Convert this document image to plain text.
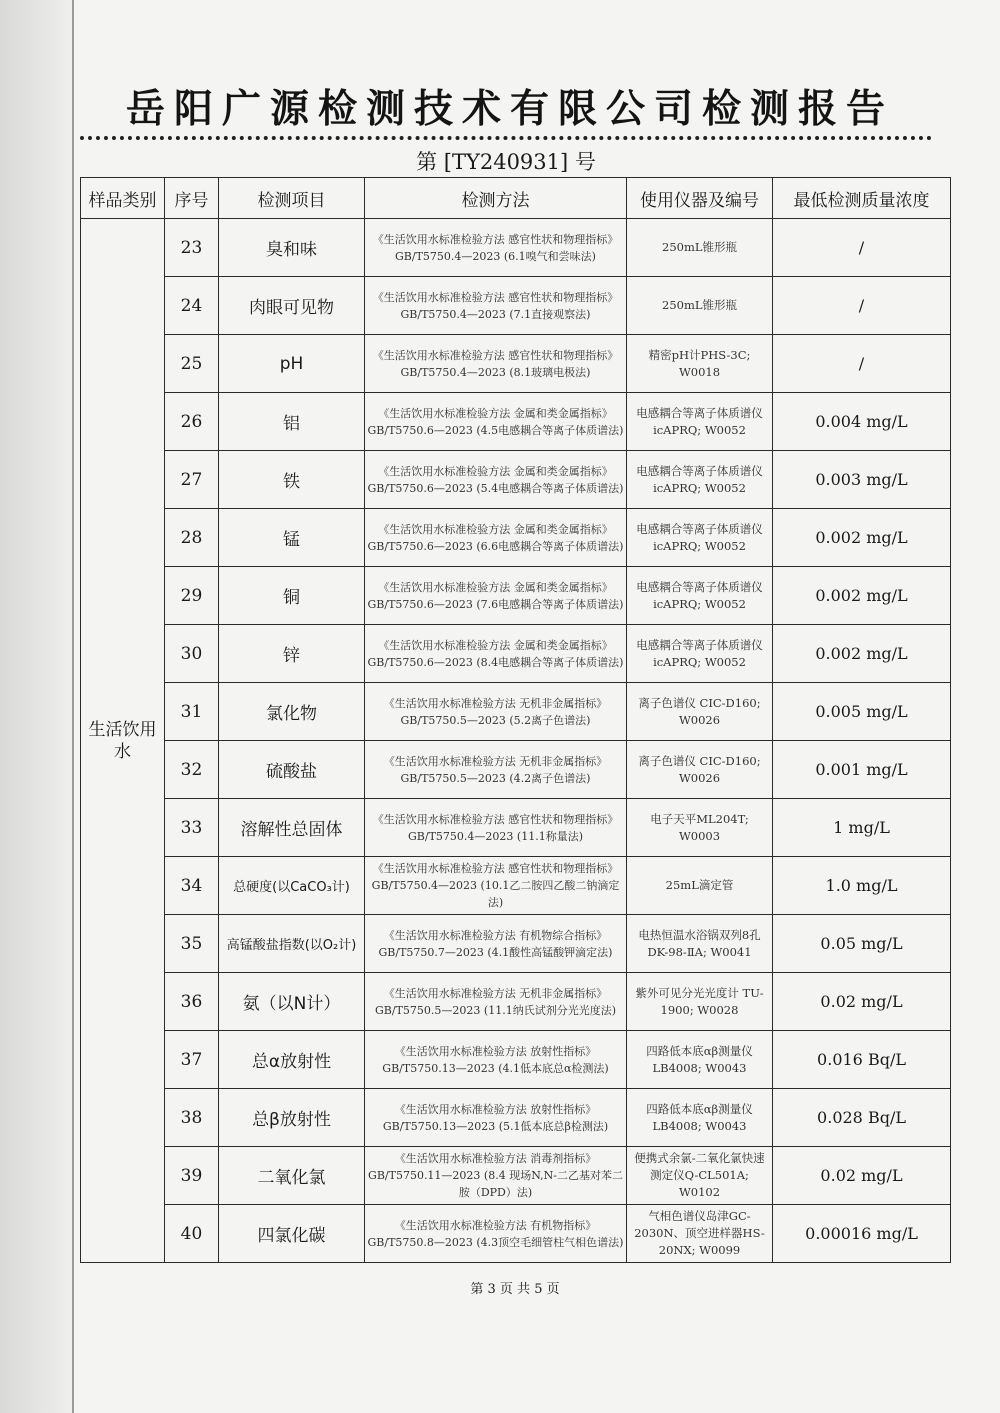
岳阳广源检测技术有限公司检测报告
第 [TY240931] 号
样品类别	序号	检测项目	检测方法	使用仪器及编号	最低检测质量浓度
生活饮用水	23	臭和味	《生活饮用水标准检验方法 感官性状和物理指标》GB/T5750.4—2023 (6.1嗅气和尝味法)	250mL锥形瓶	/
	24	肉眼可见物	《生活饮用水标准检验方法 感官性状和物理指标》GB/T5750.4—2023 (7.1直接观察法)	250mL锥形瓶	/
	25	pH	《生活饮用水标准检验方法 感官性状和物理指标》GB/T5750.4—2023 (8.1玻璃电极法)	精密pH计PHS-3C; W0018	/
	26	铝	《生活饮用水标准检验方法 金属和类金属指标》GB/T5750.6—2023 (4.5电感耦合等离子体质谱法)	电感耦合等离子体质谱仪icAPRQ; W0052	0.004 mg/L
	27	铁	《生活饮用水标准检验方法 金属和类金属指标》GB/T5750.6—2023 (5.4电感耦合等离子体质谱法)	电感耦合等离子体质谱仪icAPRQ; W0052	0.003 mg/L
	28	锰	《生活饮用水标准检验方法 金属和类金属指标》GB/T5750.6—2023 (6.6电感耦合等离子体质谱法)	电感耦合等离子体质谱仪icAPRQ; W0052	0.002 mg/L
	29	铜	《生活饮用水标准检验方法 金属和类金属指标》GB/T5750.6—2023 (7.6电感耦合等离子体质谱法)	电感耦合等离子体质谱仪icAPRQ; W0052	0.002 mg/L
	30	锌	《生活饮用水标准检验方法 金属和类金属指标》GB/T5750.6—2023 (8.4电感耦合等离子体质谱法)	电感耦合等离子体质谱仪icAPRQ; W0052	0.002 mg/L
	31	氯化物	《生活饮用水标准检验方法 无机非金属指标》GB/T5750.5—2023 (5.2离子色谱法)	离子色谱仪 CIC-D160; W0026	0.005 mg/L
	32	硫酸盐	《生活饮用水标准检验方法 无机非金属指标》GB/T5750.5—2023 (4.2离子色谱法)	离子色谱仪 CIC-D160; W0026	0.001 mg/L
	33	溶解性总固体	《生活饮用水标准检验方法 感官性状和物理指标》GB/T5750.4—2023 (11.1称量法)	电子天平ML204T; W0003	1 mg/L
	34	总硬度(以CaCO₃计)	《生活饮用水标准检验方法 感官性状和物理指标》GB/T5750.4—2023 (10.1乙二胺四乙酸二钠滴定法)	25mL滴定管	1.0 mg/L
	35	高锰酸盐指数(以O₂计)	《生活饮用水标准检验方法 有机物综合指标》GB/T5750.7—2023 (4.1酸性高锰酸钾滴定法)	电热恒温水浴锅双列8孔 DK-98-ⅡA; W0041	0.05 mg/L
	36	氨（以N计）	《生活饮用水标准检验方法 无机非金属指标》GB/T5750.5—2023 (11.1纳氏试剂分光光度法)	紫外可见分光光度计 TU-1900; W0028	0.02 mg/L
	37	总α放射性	《生活饮用水标准检验方法 放射性指标》GB/T5750.13—2023 (4.1低本底总α检测法)	四路低本底αβ测量仪 LB4008; W0043	0.016 Bq/L
	38	总β放射性	《生活饮用水标准检验方法 放射性指标》GB/T5750.13—2023 (5.1低本底总β检测法)	四路低本底αβ测量仪 LB4008; W0043	0.028 Bq/L
	39	二氧化氯	《生活饮用水标准检验方法 消毒剂指标》GB/T5750.11—2023 (8.4 现场N,N-二乙基对苯二胺（DPD）法)	便携式余氯-二氧化氯快速测定仪Q-CL501A; W0102	0.02 mg/L
	40	四氯化碳	《生活饮用水标准检验方法 有机物指标》GB/T5750.8—2023 (4.3顶空毛细管柱气相色谱法)	气相色谱仪岛津GC-2030N、顶空进样器HS-20NX; W0099	0.00016 mg/L
第 3 页 共 5 页
